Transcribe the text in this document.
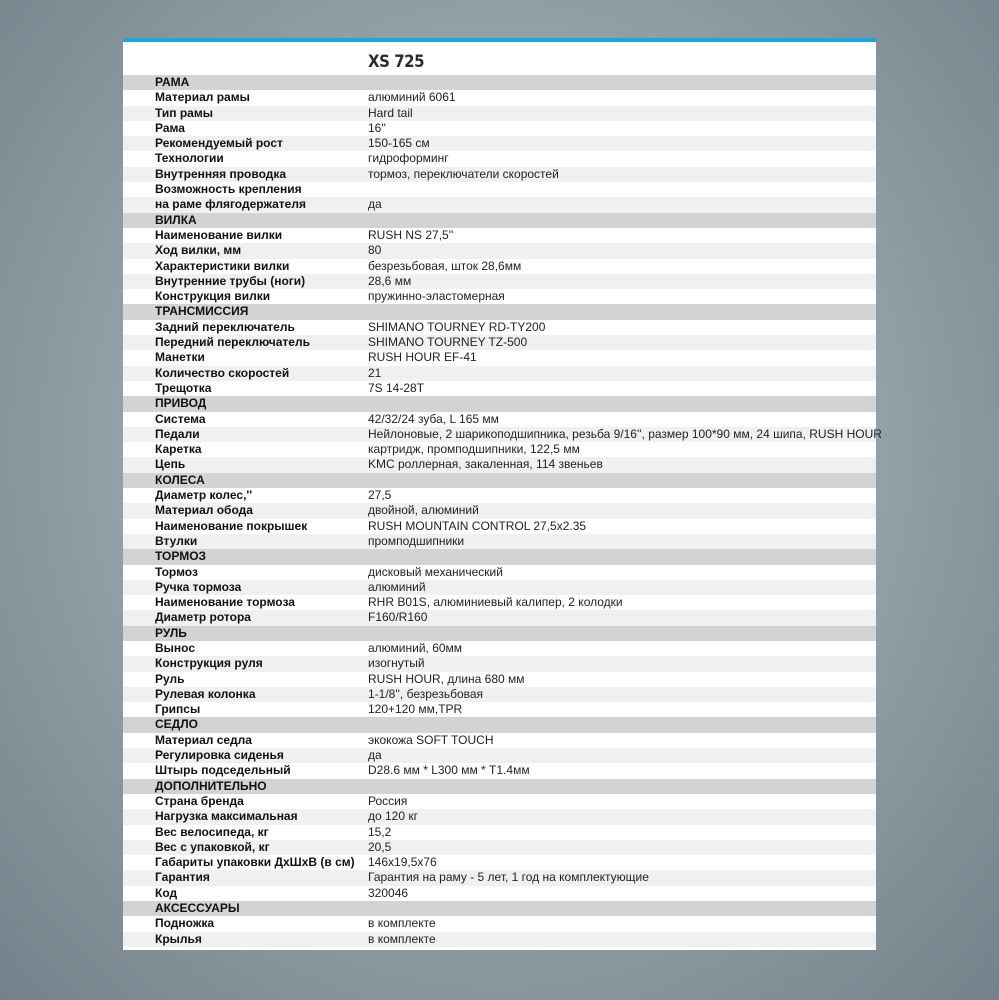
XS 725
РАМА
Материал рамы	алюминий 6061
Тип рамы	Hard tail
Рама	16''
Рекомендуемый рост	150-165 см
Технологии	гидроформинг
Внутренняя проводка	тормоз, переключатели скоростей
Возможность крепления
на раме флягодержателя	да
ВИЛКА
Наименование вилки	RUSH NS 27,5''
Ход вилки, мм	80
Характеристики вилки	безрезьбовая, шток 28,6мм
Внутренние трубы (ноги)	28,6 мм
Конструкция вилки	пружинно-эластомерная
ТРАНСМИССИЯ
Задний переключатель	SHIMANO TOURNEY RD-TY200
Передний переключатель	SHIMANO TOURNEY TZ-500
Манетки	RUSH HOUR EF-41
Количество скоростей	21
Трещотка	7S 14-28T
ПРИВОД
Система	42/32/24 зуба, L 165 мм
Педали	Нейлоновые, 2 шарикоподшипника, резьба 9/16'', размер 100*90 мм, 24 шипа, RUSH HOUR
Каретка	картридж, промподшипники, 122,5 мм
Цепь	KMC роллерная, закаленная, 114 звеньев
КОЛЕСА
Диаметр колес,''	27,5
Материал обода	двойной, алюминий
Наименование покрышек	RUSH MOUNTAIN CONTROL 27,5x2.35
Втулки	промподшипники
ТОРМОЗ
Тормоз	дисковый механический
Ручка тормоза	алюминий
Наименование тормоза	RHR B01S, алюминиевый калипер, 2 колодки
Диаметр ротора	F160/R160
РУЛЬ
Вынос	алюминий, 60мм
Конструкция руля	изогнутый
Руль	RUSH HOUR, длина 680 мм
Рулевая колонка	1-1/8'', безрезьбовая
Грипсы	120+120 мм,TPR
СЕДЛО
Материал седла	экокожа SOFT TOUCH
Регулировка сиденья	да
Штырь подседельный	D28.6 мм * L300 мм * T1.4мм
ДОПОЛНИТЕЛЬНО
Страна бренда	Россия
Нагрузка максимальная	до 120 кг
Вес велосипеда, кг	15,2
Вес с упаковкой, кг	20,5
Габариты упаковки ДхШхВ (в см) 146x19,5x76
Гарантия	Гарантия на раму - 5 лет, 1 год на комплектующие
Код	320046
АКСЕССУАРЫ
Подножка	в комплекте
Крылья	в комплекте
